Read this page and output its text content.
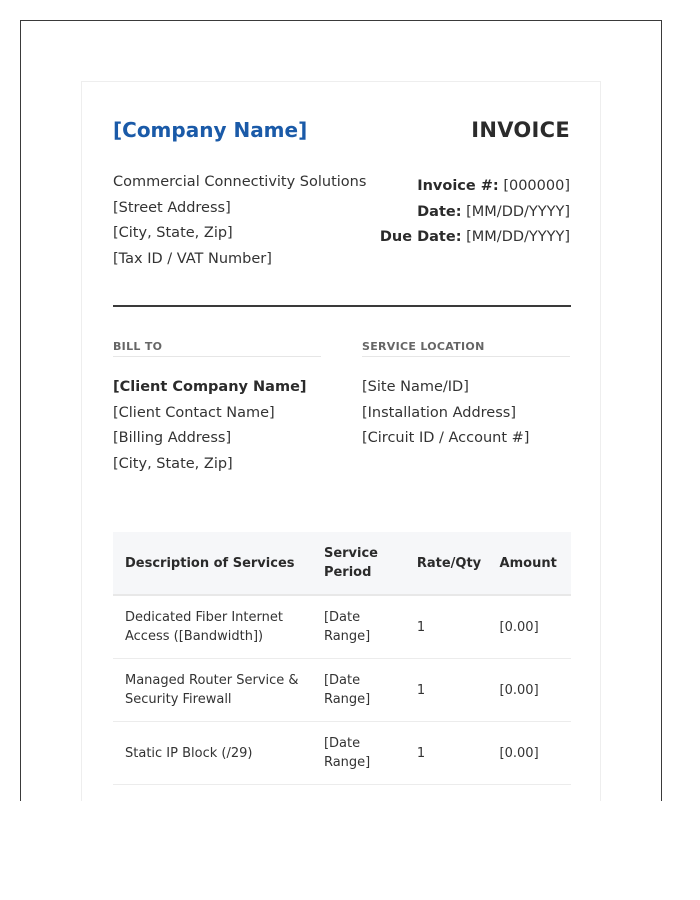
[Company Name]	INVOICE
Commercial Connectivity Solutions
[Street Address]
[City, State, Zip]
[Tax ID / VAT Number]
Invoice #: [000000]
Date: [MM/DD/YYYY]
Due Date: [MM/DD/YYYY]
BILL TO	SERVICE LOCATION
[Client Company Name]
[Client Contact Name]
[Billing Address]
[City, State, Zip]
[Site Name/ID]
[Installation Address]
[Circuit ID / Account #]
Description of Services	Service Period	Rate/Qty	Amount
Dedicated Fiber Internet Access ([Bandwidth])	[Date Range]	1	[0.00]
Managed Router Service & Security Firewall	[Date Range]	1	[0.00]
Static IP Block (/29)	[Date Range]	1	[0.00]
